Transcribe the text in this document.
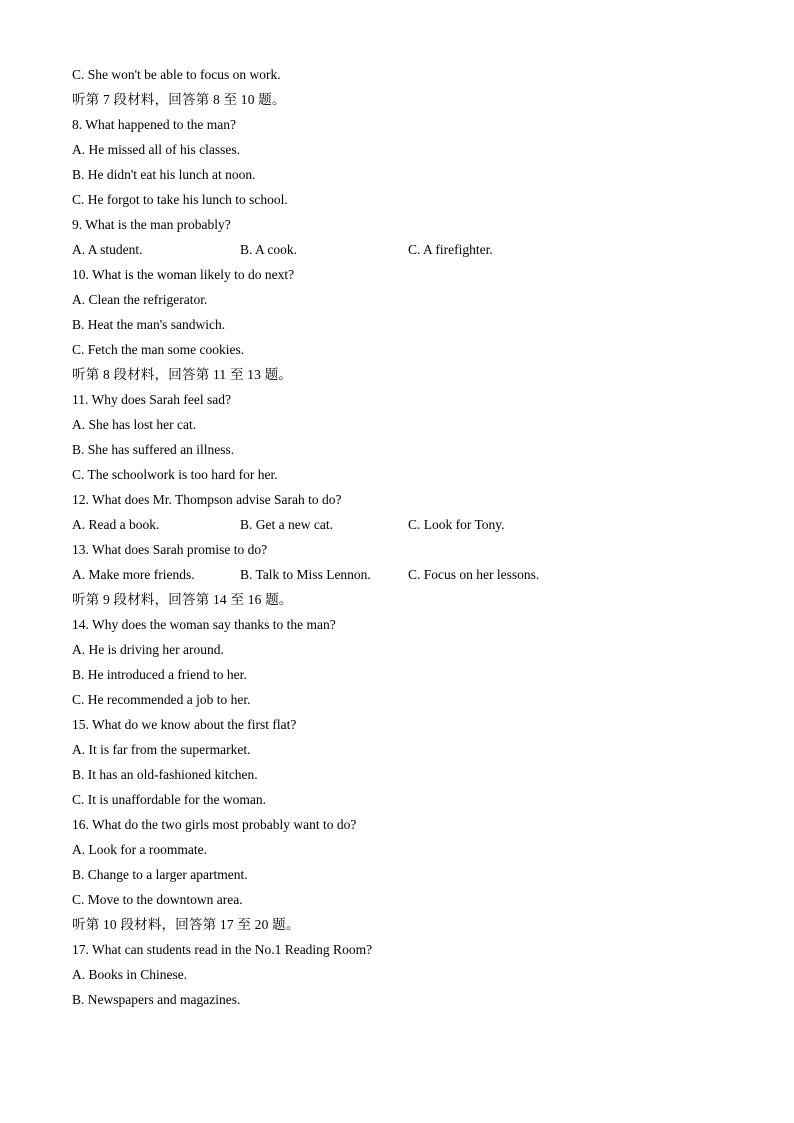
C. She won't be able to focus on work.
听第 7 段材料，回答第 8 至 10 题。
8. What happened to the man?
A. He missed all of his classes.
B. He didn't eat his lunch at noon.
C. He forgot to take his lunch to school.
9. What is the man probably?
A. A student.	B. A cook.	C. A firefighter.
10. What is the woman likely to do next?
A. Clean the refrigerator.
B. Heat the man's sandwich.
C. Fetch the man some cookies.
听第 8 段材料，回答第 11 至 13 题。
11. Why does Sarah feel sad?
A. She has lost her cat.
B. She has suffered an illness.
C. The schoolwork is too hard for her.
12. What does Mr. Thompson advise Sarah to do?
A. Read a book.	B. Get a new cat.	C. Look for Tony.
13. What does Sarah promise to do?
A. Make more friends.	B. Talk to Miss Lennon.	C. Focus on her lessons.
听第 9 段材料，回答第 14 至 16 题。
14. Why does the woman say thanks to the man?
A. He is driving her around.
B. He introduced a friend to her.
C. He recommended a job to her.
15. What do we know about the first flat?
A. It is far from the supermarket.
B. It has an old-fashioned kitchen.
C. It is unaffordable for the woman.
16. What do the two girls most probably want to do?
A. Look for a roommate.
B. Change to a larger apartment.
C. Move to the downtown area.
听第 10 段材料，回答第 17 至 20 题。
17. What can students read in the No.1 Reading Room?
A. Books in Chinese.
B. Newspapers and magazines.
